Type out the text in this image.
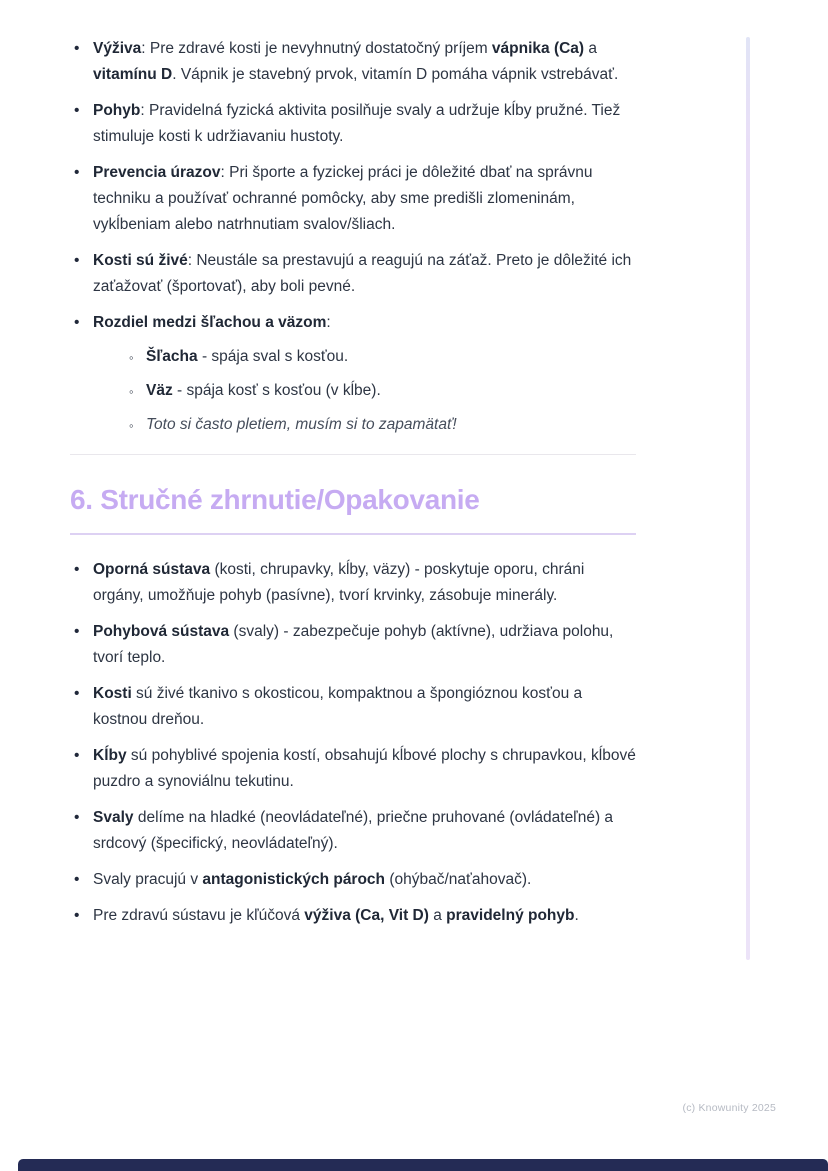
• Výživa: Pre zdravé kosti je nevyhnutný dostatočný príjem vápnika (Ca) a vitamínu D. Vápnik je stavebný prvok, vitamín D pomáha vápnik vstrebávať.
• Pohyb: Pravidelná fyzická aktivita posilňuje svaly a udržuje kĺby pružné. Tiež stimuluje kosti k udržiavaniu hustoty.
• Prevencia úrazov: Pri športe a fyzickej práci je dôležité dbať na správnu techniku a používať ochranné pomôcky, aby sme predišli zlomeninám, vykĺbeniam alebo natrhnutiam svalov/šliach.
• Kosti sú živé: Neustále sa prestavujú a reagujú na záťaž. Preto je dôležité ich zaťažovať (športovať), aby boli pevné.
• Rozdiel medzi šľachou a väzom:
◦ Šľacha - spája sval s kosťou.
◦ Väz - spája kosť s kosťou (v kĺbe).
◦ Toto si často pletiem, musím si to zapamätať!
6. Stručné zhrnutie/Opakovanie
• Oporná sústava (kosti, chrupavky, kĺby, väzy) - poskytuje oporu, chráni orgány, umožňuje pohyb (pasívne), tvorí krvinky, zásobuje minerály.
• Pohybová sústava (svaly) - zabezpečuje pohyb (aktívne), udržiava polohu, tvorí teplo.
• Kosti sú živé tkanivo s okosticou, kompaktnou a špongióznou kosťou a kostnou dreňou.
• Kĺby sú pohyblivé spojenia kostí, obsahujú kĺbové plochy s chrupavkou, kĺbové puzdro a synoviálnu tekutinu.
• Svaly delíme na hladké (neovládateľné), priečne pruhované (ovládateľné) a srdcový (špecifický, neovládateľný).
• Svaly pracujú v antagonistických pároch (ohýbač/naťahovač).
• Pre zdravú sústavu je kľúčová výživa (Ca, Vit D) a pravidelný pohyb.
(c) Knowunity 2025
